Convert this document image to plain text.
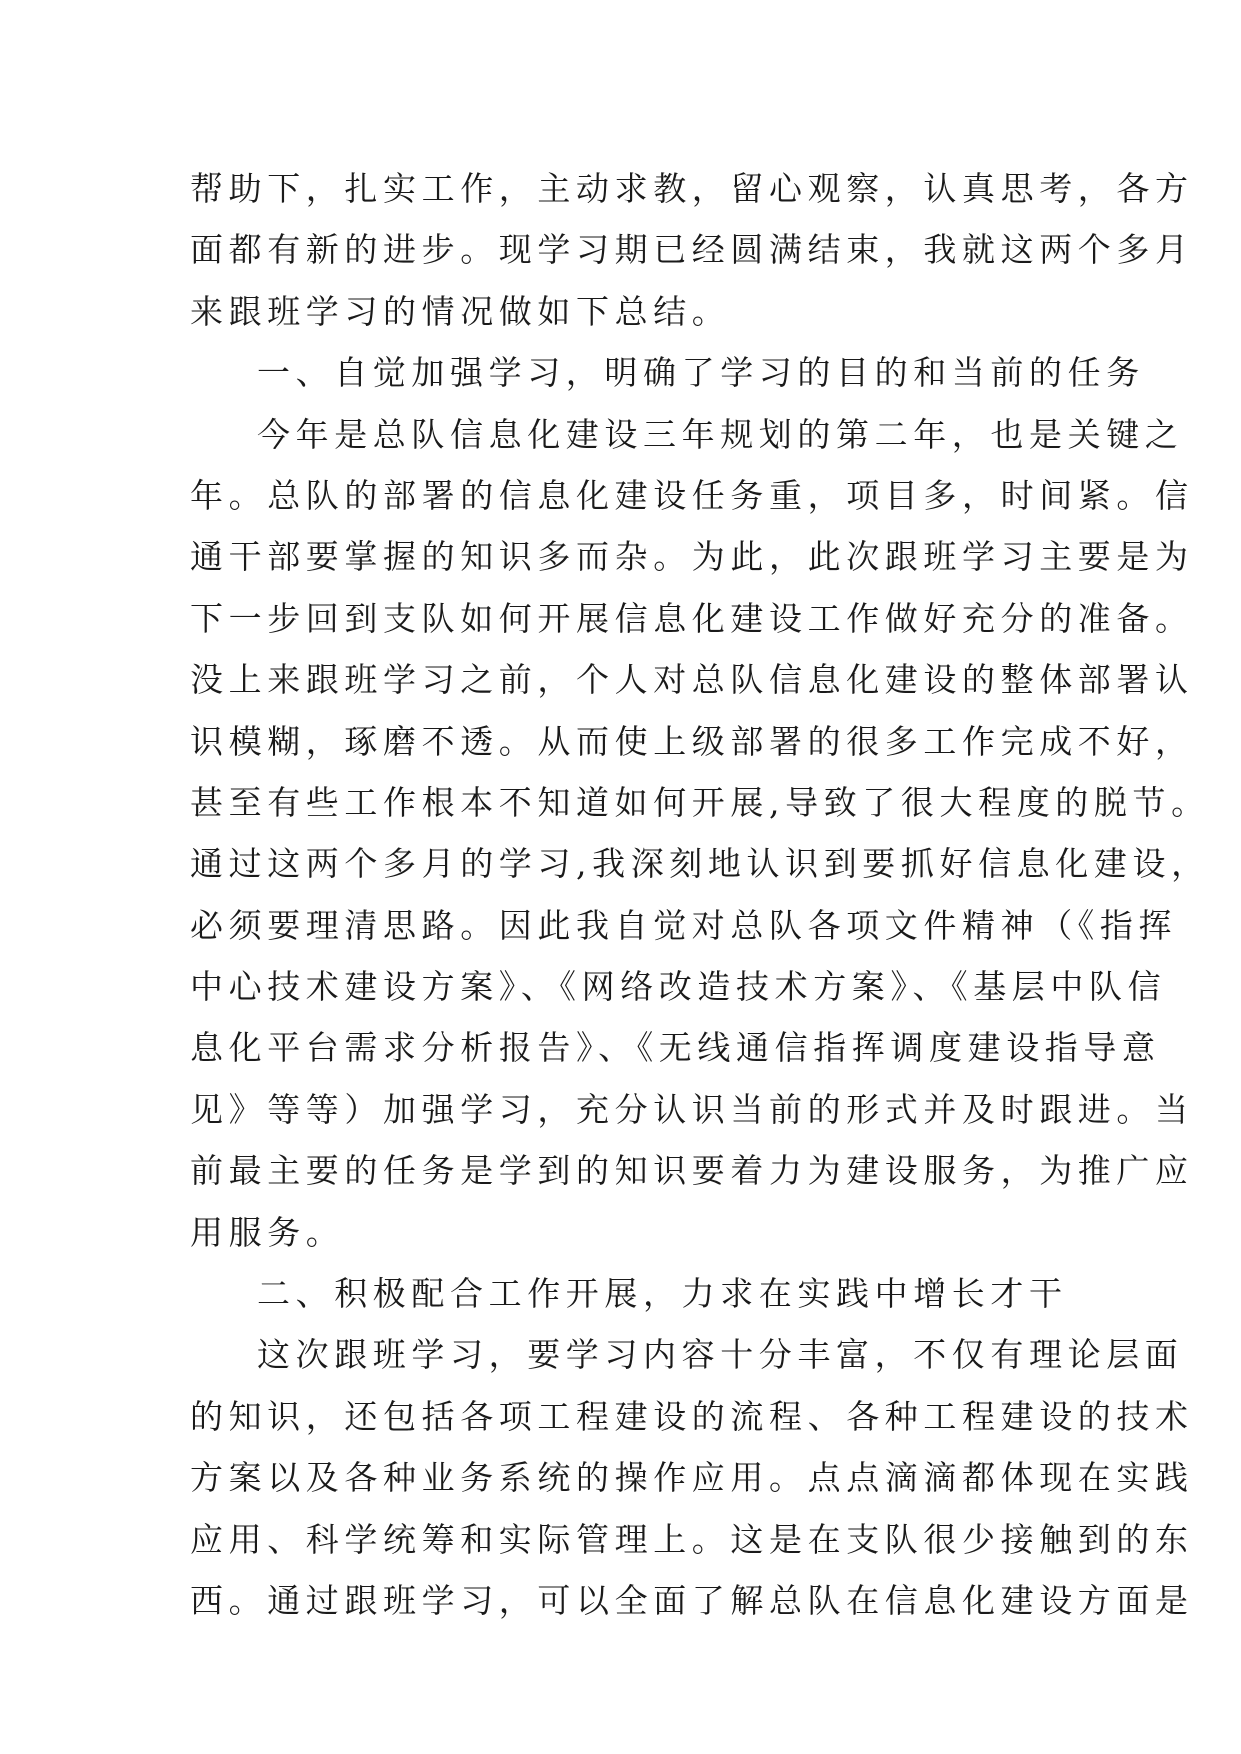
帮助下，扎实工作，主动求教，留心观察，认真思考，各方
面都有新的进步。现学习期已经圆满结束，我就这两个多月
来跟班学习的情况做如下总结。
一、自觉加强学习，明确了学习的目的和当前的任务
今年是总队信息化建设三年规划的第二年，也是关键之
年。总队的部署的信息化建设任务重，项目多，时间紧。信
通干部要掌握的知识多而杂。为此，此次跟班学习主要是为
下一步回到支队如何开展信息化建设工作做好充分的准备。
没上来跟班学习之前，个人对总队信息化建设的整体部署认
识模糊，琢磨不透。从而使上级部署的很多工作完成不好，
甚至有些工作根本不知道如何开展,导致了很大程度的脱节。
通过这两个多月的学习,我深刻地认识到要抓好信息化建设，
必须要理清思路。因此我自觉对总队各项文件精神（《指挥
中心技术建设方案》、《网络改造技术方案》、《基层中队信
息化平台需求分析报告》、《无线通信指挥调度建设指导意
见》等等）加强学习，充分认识当前的形式并及时跟进。当
前最主要的任务是学到的知识要着力为建设服务，为推广应
用服务。
二、积极配合工作开展，力求在实践中增长才干
这次跟班学习，要学习内容十分丰富，不仅有理论层面
的知识，还包括各项工程建设的流程、各种工程建设的技术
方案以及各种业务系统的操作应用。点点滴滴都体现在实践
应用、科学统筹和实际管理上。这是在支队很少接触到的东
西。通过跟班学习，可以全面了解总队在信息化建设方面是
